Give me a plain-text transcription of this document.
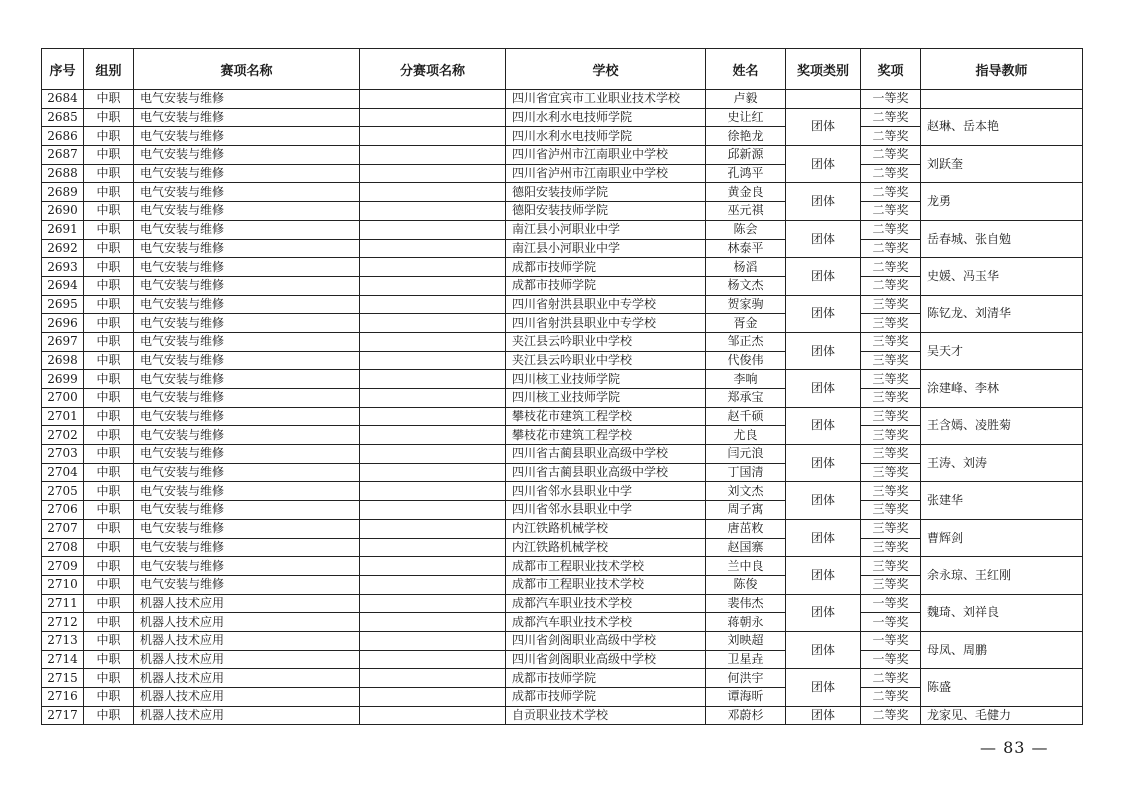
序号	组别	赛项名称	分赛项名称	学校	姓名	奖项类别	奖项	指导教师
2684	中职	电气安装与维修		四川省宜宾市工业职业技术学校	卢毅		一等奖	
2685	中职	电气安装与维修		四川水利水电技师学院	史让红	团体	二等奖	赵琳、岳本艳
2686	中职	电气安装与维修		四川水利水电技师学院	徐艳龙		二等奖	
2687	中职	电气安装与维修		四川省泸州市江南职业中学校	邱新源	团体	二等奖	刘跃奎
2688	中职	电气安装与维修		四川省泸州市江南职业中学校	孔鸿平		二等奖	
2689	中职	电气安装与维修		德阳安装技师学院	黄金良	团体	二等奖	龙勇
2690	中职	电气安装与维修		德阳安装技师学院	巫元祺		二等奖	
2691	中职	电气安装与维修		南江县小河职业中学	陈会	团体	二等奖	岳春城、张自勉
2692	中职	电气安装与维修		南江县小河职业中学	林泰平		二等奖	
2693	中职	电气安装与维修		成都市技师学院	杨滔	团体	二等奖	史媛、冯玉华
2694	中职	电气安装与维修		成都市技师学院	杨文杰		二等奖	
2695	中职	电气安装与维修		四川省射洪县职业中专学校	贺家驹	团体	三等奖	陈钇龙、刘清华
2696	中职	电气安装与维修		四川省射洪县职业中专学校	胥金		三等奖	
2697	中职	电气安装与维修		夹江县云吟职业中学校	邹正杰	团体	三等奖	吴天才
2698	中职	电气安装与维修		夹江县云吟职业中学校	代俊伟		三等奖	
2699	中职	电气安装与维修		四川核工业技师学院	李响	团体	三等奖	涂建峰、李林
2700	中职	电气安装与维修		四川核工业技师学院	郑承宝		三等奖	
2701	中职	电气安装与维修		攀枝花市建筑工程学校	赵千硕	团体	三等奖	王含嫣、凌胜菊
2702	中职	电气安装与维修		攀枝花市建筑工程学校	尤良		三等奖	
2703	中职	电气安装与维修		四川省古蔺县职业高级中学校	闫元浪	团体	三等奖	王涛、刘涛
2704	中职	电气安装与维修		四川省古蔺县职业高级中学校	丁国清		三等奖	
2705	中职	电气安装与维修		四川省邻水县职业中学	刘文杰	团体	三等奖	张建华
2706	中职	电气安装与维修		四川省邻水县职业中学	周子寓		三等奖	
2707	中职	电气安装与维修		内江铁路机械学校	唐茁敉	团体	三等奖	曹辉剑
2708	中职	电气安装与维修		内江铁路机械学校	赵国寨		三等奖	
2709	中职	电气安装与维修		成都市工程职业技术学校	兰中良	团体	三等奖	余永琼、王红刚
2710	中职	电气安装与维修		成都市工程职业技术学校	陈俊		三等奖	
2711	中职	机器人技术应用		成都汽车职业技术学校	裴伟杰	团体	一等奖	魏琦、刘祥良
2712	中职	机器人技术应用		成都汽车职业技术学校	蒋朝永		一等奖	
2713	中职	机器人技术应用		四川省剑阁职业高级中学校	刘映超	团体	一等奖	母凤、周鹏
2714	中职	机器人技术应用		四川省剑阁职业高级中学校	卫星垚		一等奖	
2715	中职	机器人技术应用		成都市技师学院	何洪宇	团体	二等奖	陈盛
2716	中职	机器人技术应用		成都市技师学院	谭海昕		二等奖	
2717	中职	机器人技术应用		自贡职业技术学校	邓蔚杉	团体	二等奖	龙家见、毛健力
— 83 —
